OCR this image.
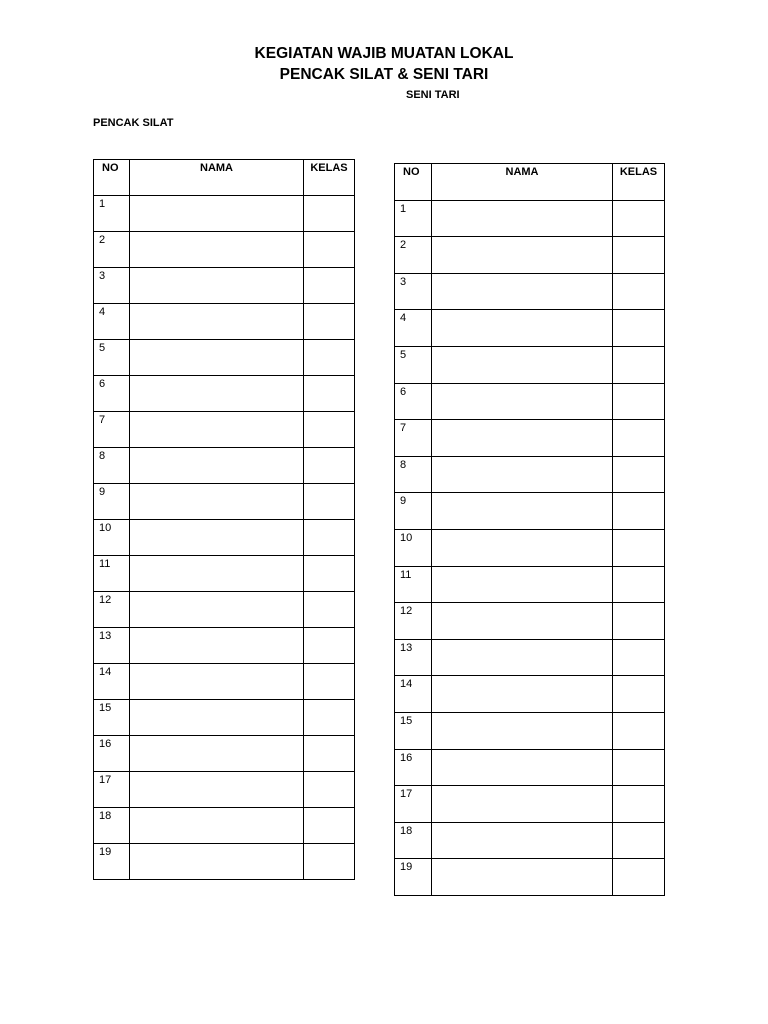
KEGIATAN WAJIB MUATAN LOKAL
PENCAK SILAT & SENI TARI
SENI TARI
PENCAK SILAT
NO	NAMA	KELAS
1		
2		
3		
4		
5		
6		
7		
8		
9		
10		
11		
12		
13		
14		
15		
16		
17		
18		
19		
NO	NAMA	KELAS
1		
2		
3		
4		
5		
6		
7		
8		
9		
10		
11		
12		
13		
14		
15		
16		
17		
18		
19		
